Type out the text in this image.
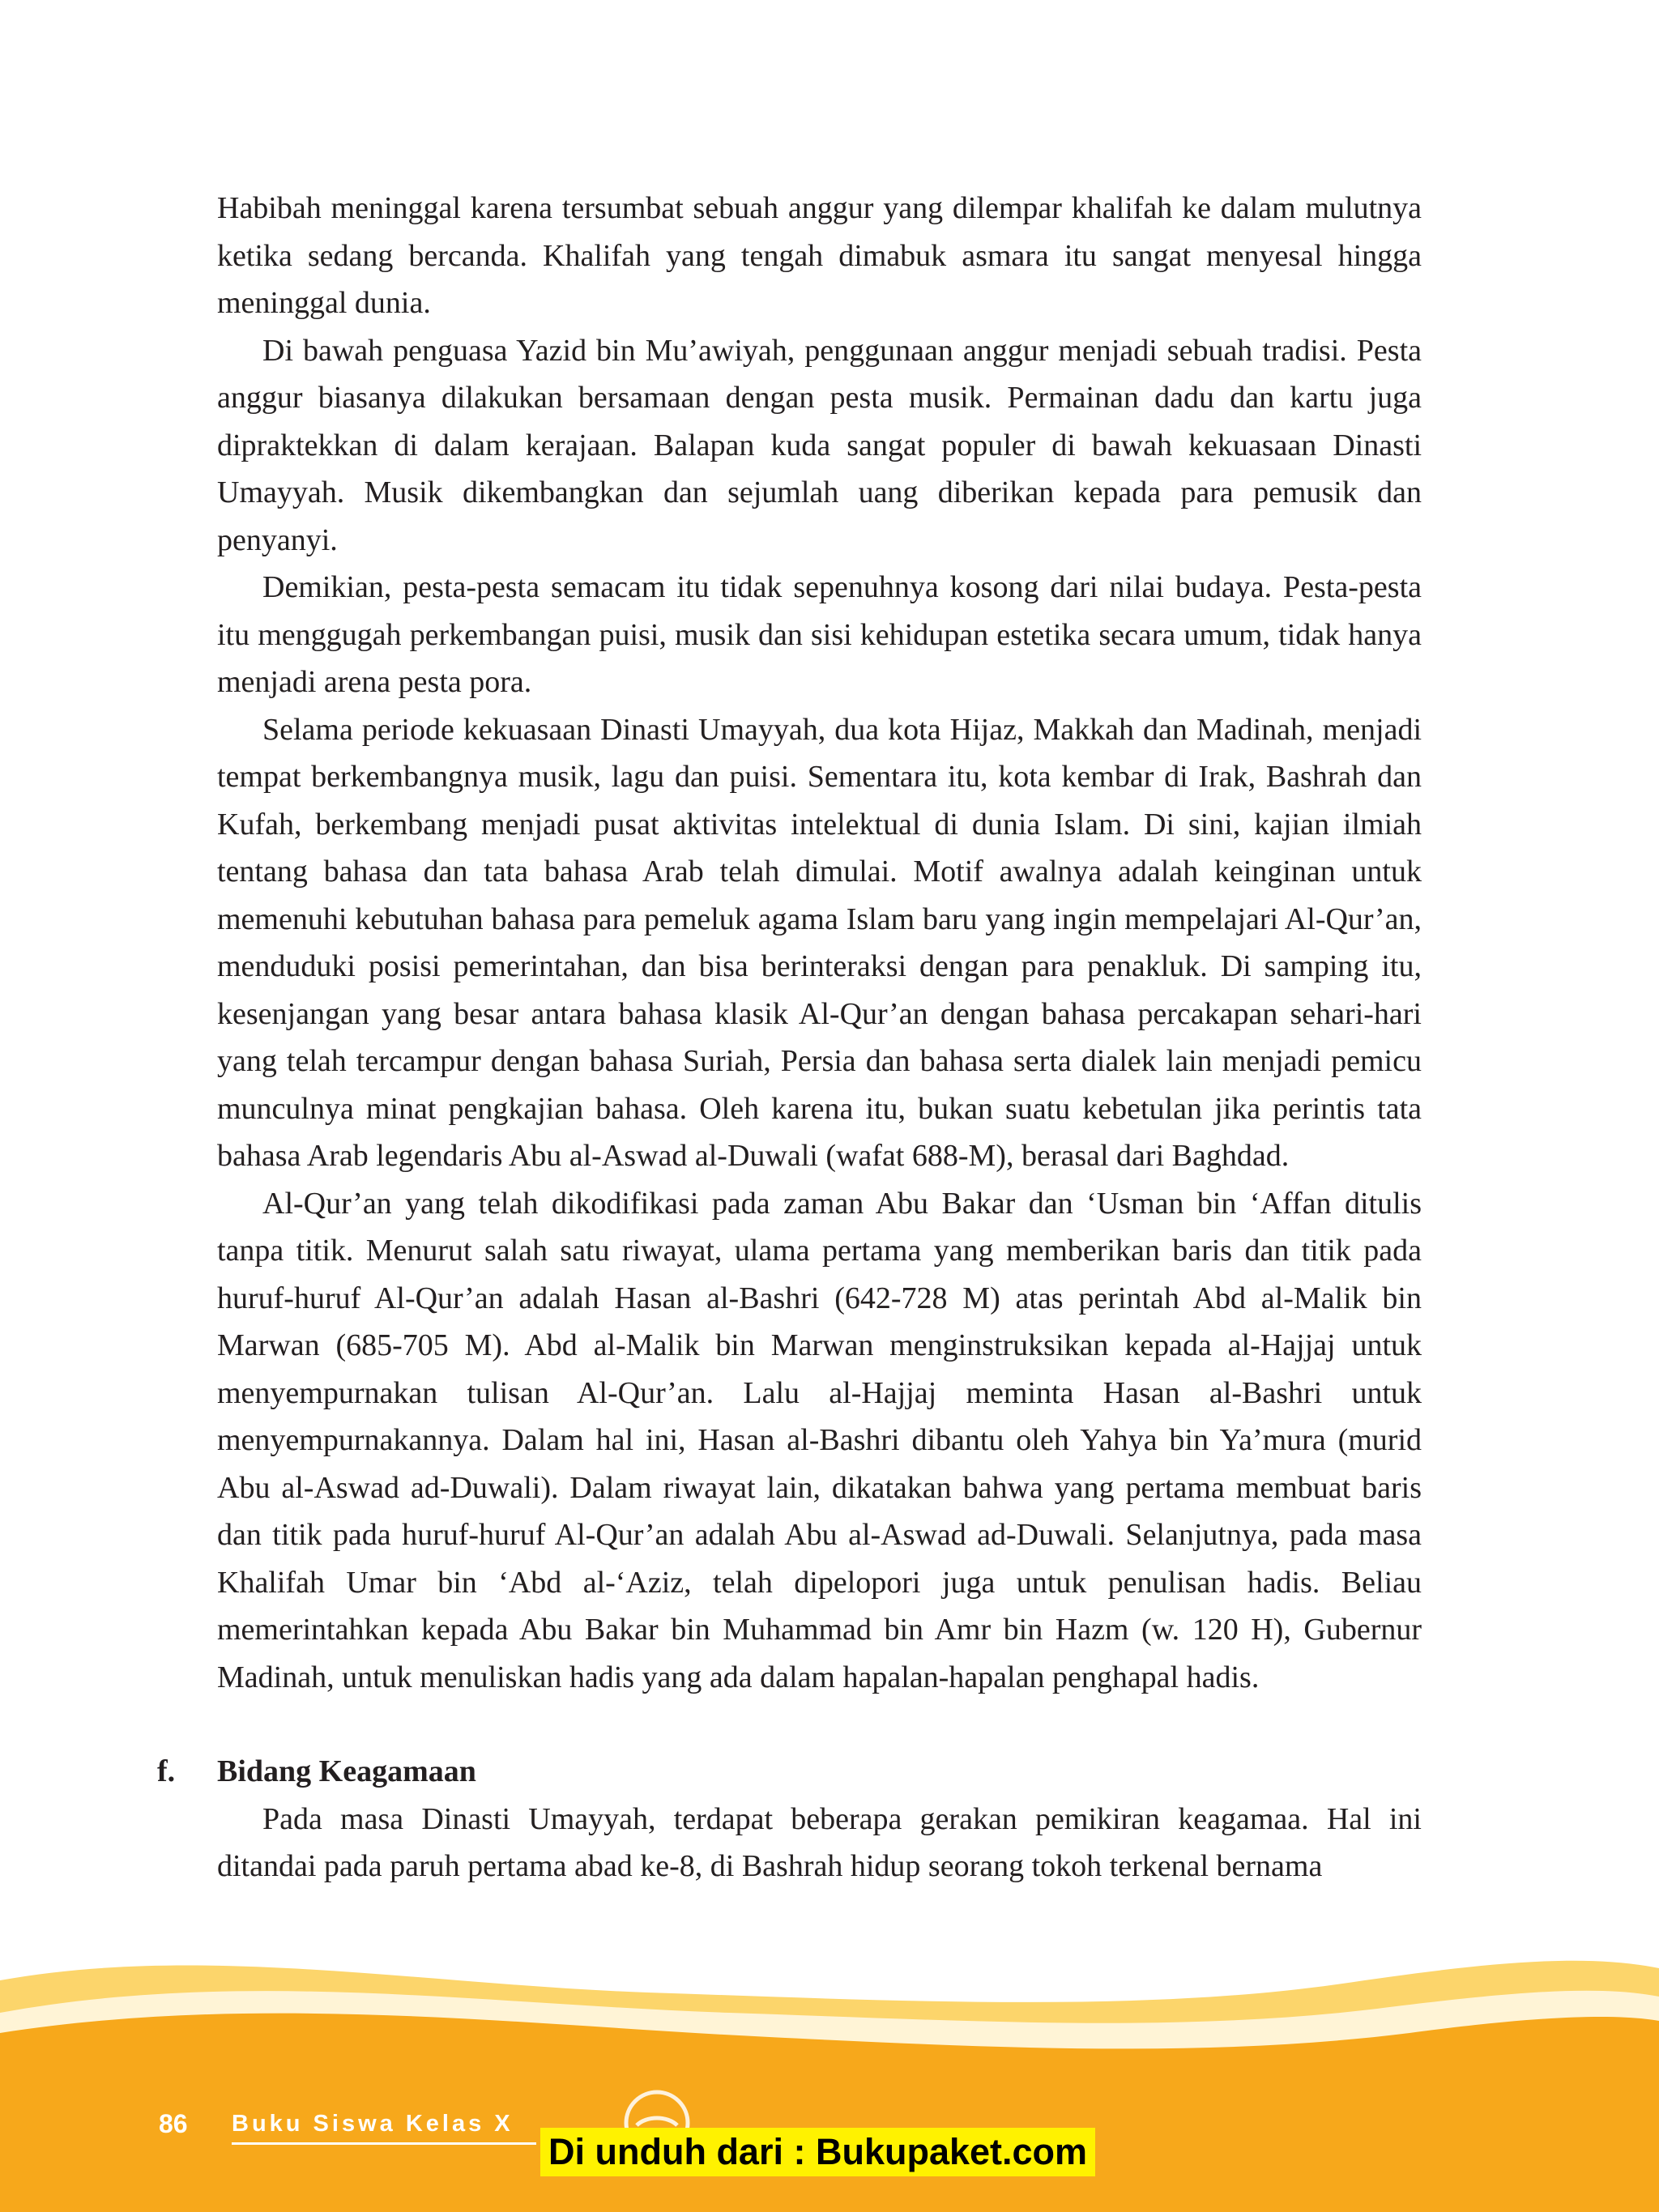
Habibah meninggal karena tersumbat sebuah anggur yang dilempar khalifah ke dalam mulutnya ketika sedang bercanda. Khalifah yang tengah dimabuk asmara itu sangat menyesal hingga meninggal dunia.

Di bawah penguasa Yazid bin Mu’awiyah, penggunaan anggur menjadi sebuah tradisi. Pesta anggur biasanya dilakukan bersamaan dengan pesta musik. Permainan dadu dan kartu juga dipraktekkan di dalam kerajaan. Balapan kuda sangat populer di bawah kekuasaan Dinasti Umayyah. Musik dikembangkan dan sejumlah uang diberikan kepada para pemusik dan penyanyi.

Demikian, pesta-pesta semacam itu tidak sepenuhnya kosong dari nilai budaya. Pesta-pesta itu menggugah perkembangan puisi, musik dan sisi kehidupan estetika secara umum, tidak hanya menjadi arena pesta pora.

Selama periode kekuasaan Dinasti Umayyah, dua kota Hijaz, Makkah dan Madinah, menjadi tempat berkembangnya musik, lagu dan puisi. Sementara itu, kota kembar di Irak, Bashrah dan Kufah, berkembang menjadi pusat aktivitas intelektual di dunia Islam. Di sini, kajian ilmiah tentang bahasa dan tata bahasa Arab telah dimulai. Motif awalnya adalah keinginan untuk memenuhi kebutuhan bahasa para pemeluk agama Islam baru yang ingin mempelajari Al-Qur’an, menduduki posisi pemerintahan, dan bisa berinteraksi dengan para penakluk. Di samping itu, kesenjangan yang besar antara bahasa klasik Al-Qur’an dengan bahasa percakapan sehari-hari yang telah tercampur dengan bahasa Suriah, Persia dan bahasa serta dialek lain menjadi pemicu munculnya minat pengkajian bahasa. Oleh karena itu, bukan suatu kebetulan jika perintis tata bahasa Arab legendaris Abu al-Aswad al-Duwali (wafat 688-M), berasal dari Baghdad.

Al-Qur’an yang telah dikodifikasi pada zaman Abu Bakar dan ‘Usman bin ‘Affan ditulis tanpa titik. Menurut salah satu riwayat, ulama pertama yang memberikan baris dan titik pada huruf-huruf Al-Qur’an adalah Hasan al-Bashri (642-728 M) atas perintah Abd al-Malik bin Marwan (685-705 M). Abd al-Malik bin Marwan menginstruksikan kepada al-Hajjaj untuk menyempurnakan tulisan Al-Qur’an. Lalu al-Hajjaj meminta Hasan al-Bashri untuk menyempurnakannya. Dalam hal ini, Hasan al-Bashri dibantu oleh Yahya bin Ya’mura (murid Abu al-Aswad ad-Duwali). Dalam riwayat lain, dikatakan bahwa yang pertama membuat baris dan titik pada huruf-huruf Al-Qur’an adalah Abu al-Aswad ad-Duwali. Selanjutnya, pada masa Khalifah Umar bin ‘Abd al-‘Aziz, telah dipelopori juga untuk penulisan hadis. Beliau memerintahkan kepada Abu Bakar bin Muhammad bin Amr bin Hazm (w. 120 H), Gubernur Madinah, untuk menuliskan hadis yang ada dalam hapalan-hapalan penghapal hadis.

f. Bidang Keagamaan

Pada masa Dinasti Umayyah, terdapat beberapa gerakan pemikiran keagamaa. Hal ini ditandai pada paruh pertama abad ke-8, di Bashrah hidup seorang tokoh terkenal bernama

86 Buku Siswa Kelas X
Di unduh dari : Bukupaket.com
